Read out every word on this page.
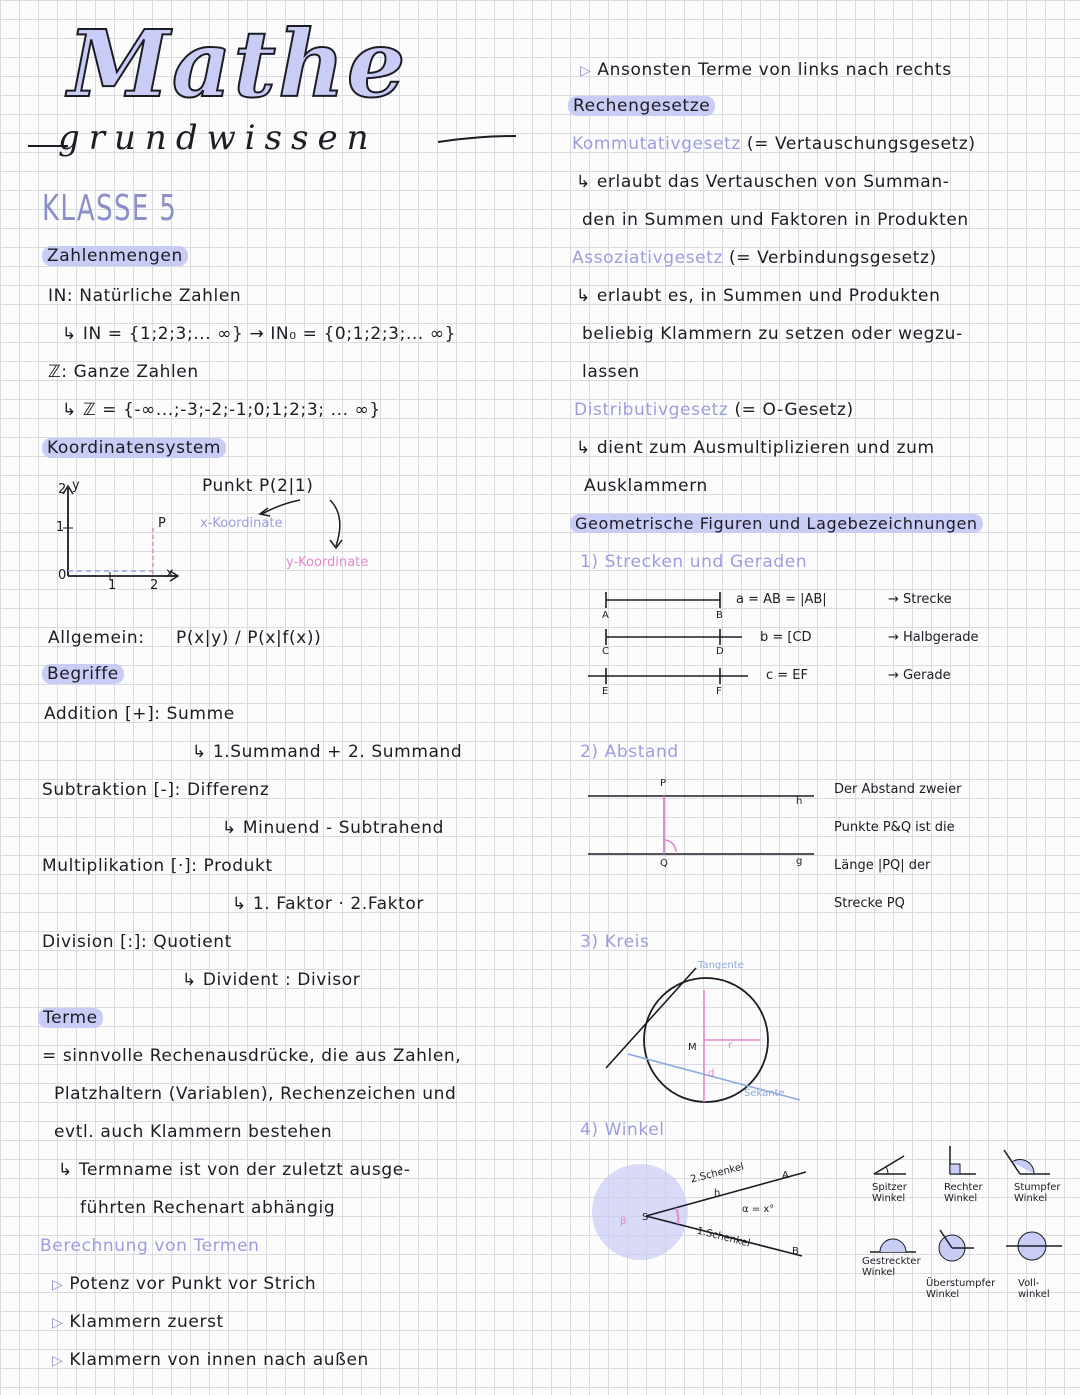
Mathe
grundwissen
KLASSE 5
Zahlenmengen
IN: Natürliche Zahlen
↳ IN = {1;2;3;... ∞} → IN₀ = {0;1;2;3;... ∞}
ℤ: Ganze Zahlen
↳ ℤ = {-∞...;-3;-2;-1;0;1;2;3; ... ∞}
Koordinatensystem
2 y
1
0
1	2
x
P
Punkt P(2|1)
x-Koordinate
y-Koordinate
Allgemein: P(x|y) / P(x|f(x))
Begriffe
Addition [+]: Summe
↳ 1.Summand + 2. Summand
Subtraktion [-]: Differenz
↳ Minuend - Subtrahend
Multiplikation [·]: Produkt
↳ 1. Faktor · 2.Faktor
Division [:]: Quotient
↳ Divident : Divisor
Terme
= sinnvolle Rechenausdrücke, die aus Zahlen,
Platzhaltern (Variablen), Rechenzeichen und
evtl. auch Klammern bestehen
↳ Termname ist von der zuletzt ausge-
führten Rechenart abhängig
Berechnung von Termen
▷ Potenz vor Punkt vor Strich
▷ Klammern zuerst
▷ Klammern von innen nach außen
▷ Ansonsten Terme von links nach rechts
Rechengesetze
Kommutativgesetz (= Vertauschungsgesetz)
↳ erlaubt das Vertauschen von Summan-
den in Summen und Faktoren in Produkten
Assoziativgesetz (= Verbindungsgesetz)
↳ erlaubt es, in Summen und Produkten
beliebig Klammern zu setzen oder wegzu-
lassen
Distributivgesetz (= O-Gesetz)
↳ dient zum Ausmultiplizieren und zum
Ausklammern
Geometrische Figuren und Lagebezeichnungen
1) Strecken und Geraden
A	B
C	D
E	F
a = AB = |AB|
b = [CD
c = EF
→ Strecke
→ Halbgerade
→ Gerade
2) Abstand
P
Q
h
g
Der Abstand zweier
Punkte P&Q ist die
Länge |PQ| der
Strecke PQ
3) Kreis
Tangente
Sekante
M	r
d
4) Winkel
2.Schenkel
1.Schenkel
α = x°
S
A
B
β
h
Spitzer Winkel
Rechter Winkel
Stumpfer Winkel
Gestreckter Winkel
Überstumpfer Winkel
Voll- winkel
